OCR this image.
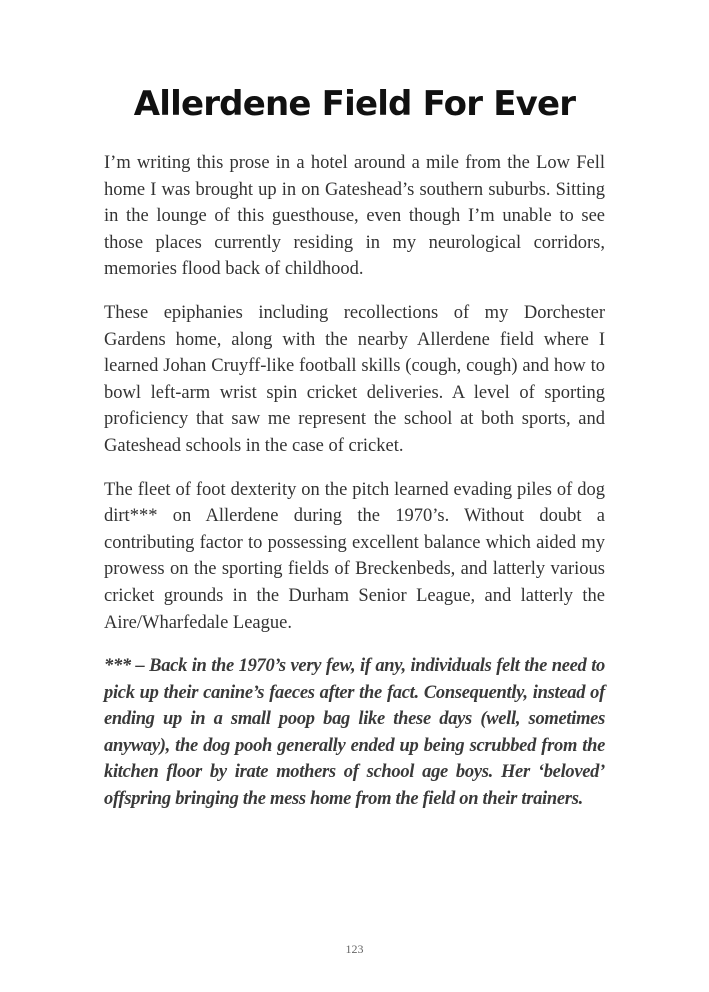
Allerdene Field For Ever

I’m writing this prose in a hotel around a mile from the Low Fell home I was brought up in on Gateshead’s southern suburbs. Sitting in the lounge of this guesthouse, even though I’m unable to see those places currently residing in my neurological corridors, memories flood back of childhood.

These epiphanies including recollections of my Dorchester Gardens home, along with the nearby Allerdene field where I learned Johan Cruyff-like football skills (cough, cough) and how to bowl left-arm wrist spin cricket deliveries. A level of sporting proficiency that saw me represent the school at both sports, and Gateshead schools in the case of cricket.

The fleet of foot dexterity on the pitch learned evading piles of dog dirt*** on Allerdene during the 1970’s. Without doubt a contributing factor to possessing excellent balance which aided my prowess on the sporting fields of Breckenbeds, and latterly various cricket grounds in the Durham Senior League, and latterly the Aire/Wharfedale League.

*** – Back in the 1970’s very few, if any, individuals felt the need to pick up their canine’s faeces after the fact. Consequently, instead of ending up in a small poop bag like these days (well, sometimes anyway), the dog pooh generally ended up being scrubbed from the kitchen floor by irate mothers of school age boys. Her ‘beloved’ offspring bringing the mess home from the field on their trainers.

123
